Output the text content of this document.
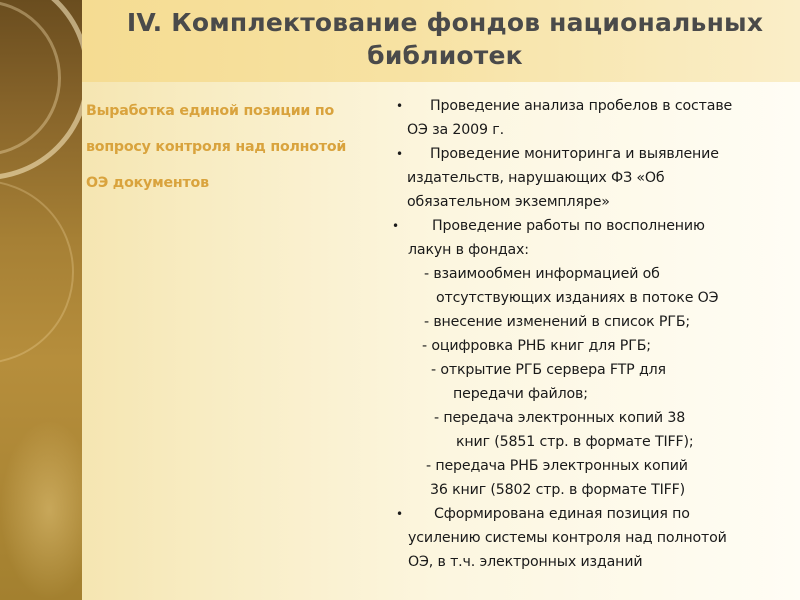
IV. Комплектование фондов национальных
библиотек
Выработка единой позиции по
вопросу контроля над полнотой
ОЭ документов
• Проведение анализа пробелов в составе
ОЭ за 2009 г.
• Проведение мониторинга и выявление
издательств, нарушающих ФЗ «Об
обязательном экземпляре»
• Проведение работы по восполнению
лакун в фондах:
- взаимообмен информацией об
отсутствующих изданиях в потоке ОЭ
- внесение изменений в список РГБ;
- оцифровка РНБ книг для РГБ;
- открытие РГБ сервера FTP для
передачи файлов;
- передача электронных копий 38
книг (5851 стр. в формате TIFF);
- передача РНБ электронных копий
36 книг (5802 стр. в формате TIFF)
• Сформирована единая позиция по
усилению системы контроля над полнотой
ОЭ, в т.ч. электронных изданий
